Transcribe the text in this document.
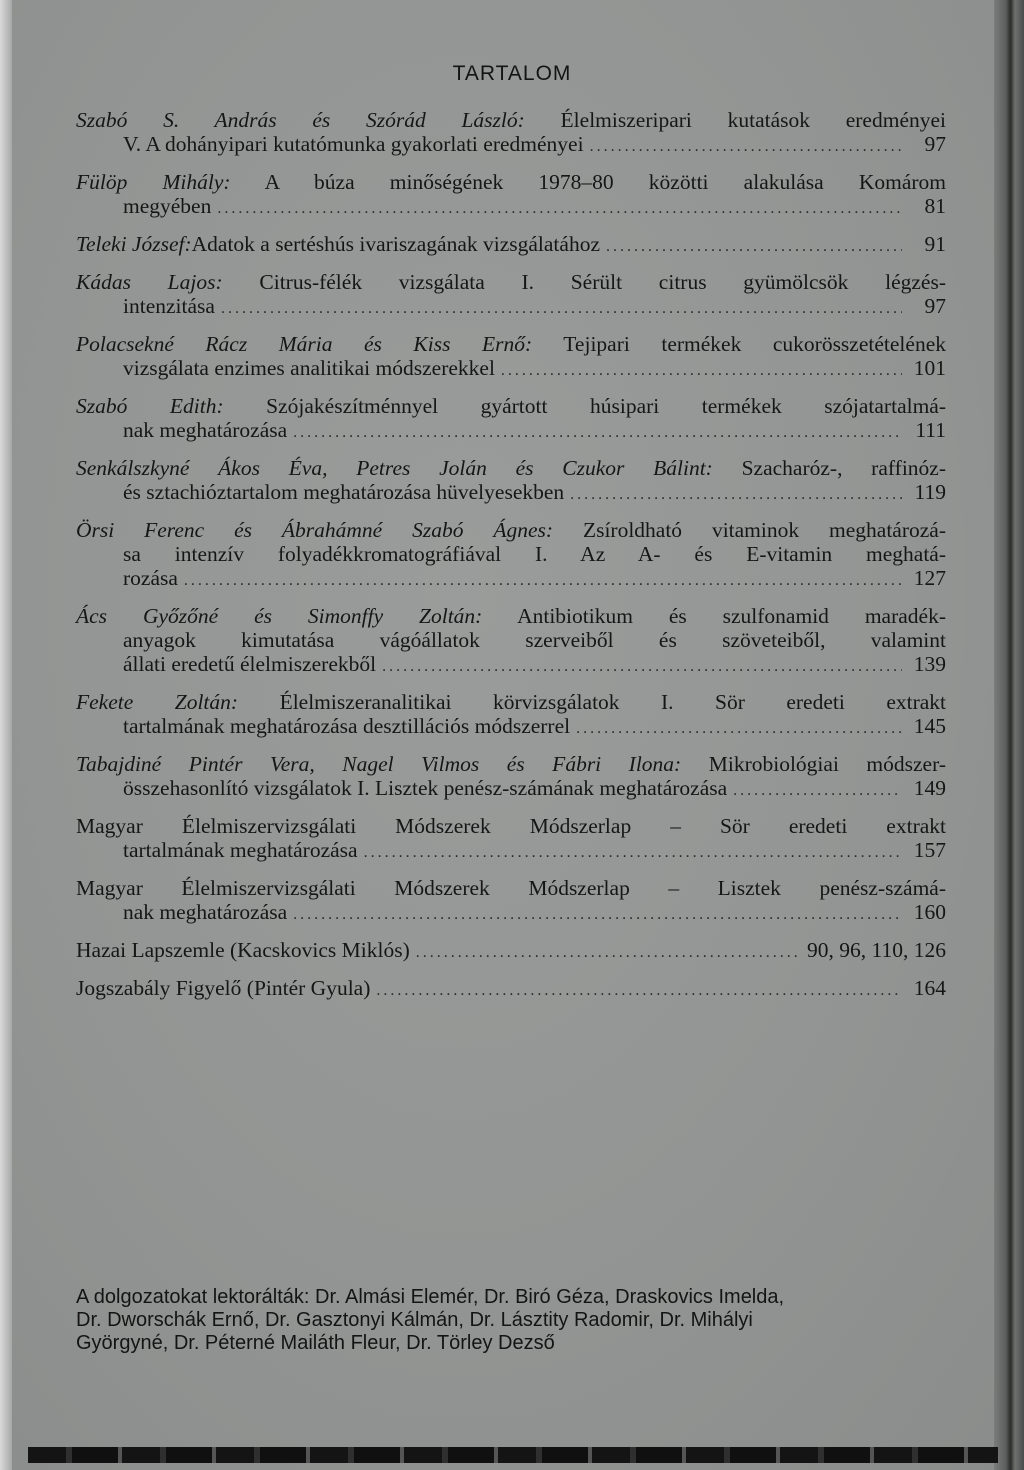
TARTALOM
Szabó S. András és Szórád László: Élelmiszeripari kutatások eredményei
V. A dohányipari kutatómunka gyakorlati eredményei .....	97
Fülöp Mihály: A búza minőségének 1978–80 közötti alakulása Komárom
megyében .....	81
Teleki József: Adatok a sertéshús ivariszagának vizsgálatához .....	91
Kádas Lajos: Citrus-félék vizsgálata I. Sérült citrus gyümölcsök légzés-
intenzitása .....	97
Polacsekné Rácz Mária és Kiss Ernő: Tejipari termékek cukorösszetételének
vizsgálata enzimes analitikai módszerekkel .....	101
Szabó Edith: Szójakészítménnyel gyártott húsipari termékek szójatartalmá-
nak meghatározása .....	111
Senkálszkyné Ákos Éva, Petres Jolán és Czukor Bálint: Szacharóz-, raffinóz-
és sztachióztartalom meghatározása hüvelyesekben .....	119
Örsi Ferenc és Ábrahámné Szabó Ágnes: Zsíroldható vitaminok meghatározá-
sa intenzív folyadékkromatográfiával I. Az A- és E-vitamin meghatá-
rozása .....	127
Ács Győzőné és Simonffy Zoltán: Antibiotikum és szulfonamid maradék-
anyagok kimutatása vágóállatok szerveiből és szöveteiből, valamint
állati eredetű élelmiszerekből .....	139
Fekete Zoltán: Élelmiszeranalitikai körvizsgálatok I. Sör eredeti extrakt
tartalmának meghatározása desztillációs módszerrel .....	145
Tabajdiné Pintér Vera, Nagel Vilmos és Fábri Ilona: Mikrobiológiai módszer-
összehasonlító vizsgálatok I. Lisztek penész-számának meghatározása .....	149
Magyar Élelmiszervizsgálati Módszerek Módszerlap – Sör eredeti extrakt
tartalmának meghatározása .....	157
Magyar Élelmiszervizsgálati Módszerek Módszerlap – Lisztek penész-számá-
nak meghatározása .....	160
Hazai Lapszemle (Kacskovics Miklós) .....	90, 96, 110, 126
Jogszabály Figyelő (Pintér Gyula) .....	164
A dolgozatokat lektorálták: Dr. Almási Elemér, Dr. Biró Géza, Draskovics Imelda,
Dr. Dworschák Ernő, Dr. Gasztonyi Kálmán, Dr. Lásztity Radomir, Dr. Mihályi
Györgyné, Dr. Péterné Mailáth Fleur, Dr. Törley Dezső
